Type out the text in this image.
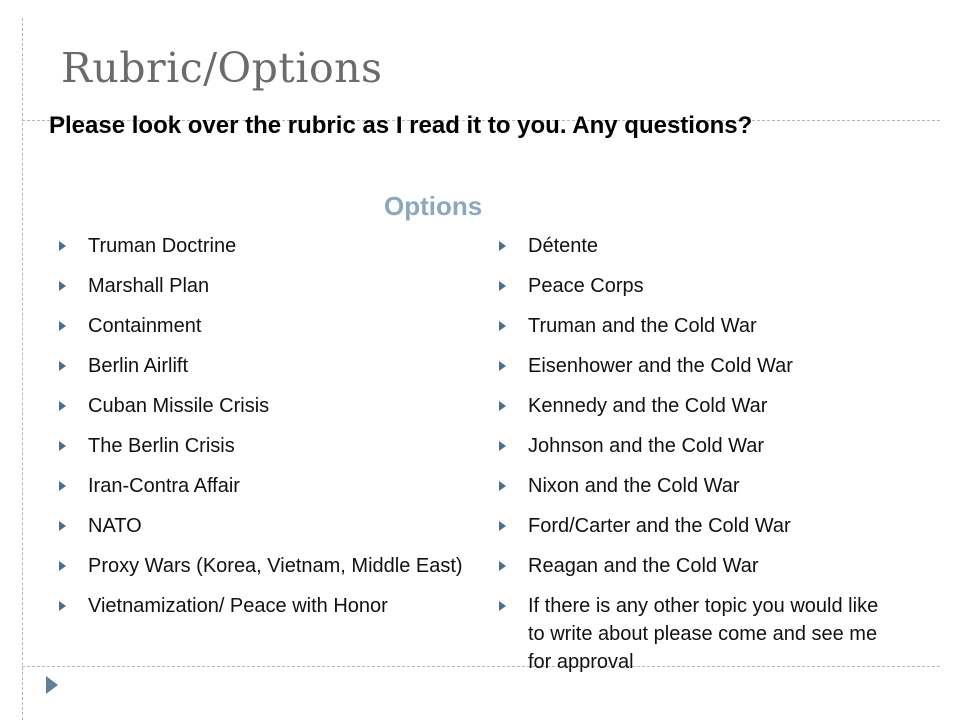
Rubric/Options

Please look over the rubric as I read it to you. Any questions?

Options
Truman Doctrine
Marshall Plan
Containment
Berlin Airlift
Cuban Missile Crisis
The Berlin Crisis
Iran-Contra Affair
NATO
Proxy Wars (Korea, Vietnam, Middle East)
Vietnamization/ Peace with Honor
Détente
Peace Corps
Truman and the Cold War
Eisenhower and the Cold War
Kennedy and the Cold War
Johnson and the Cold War
Nixon and the Cold War
Ford/Carter and the Cold War
Reagan and the Cold War
If there is any other topic you would like to write about please come and see me for approval
